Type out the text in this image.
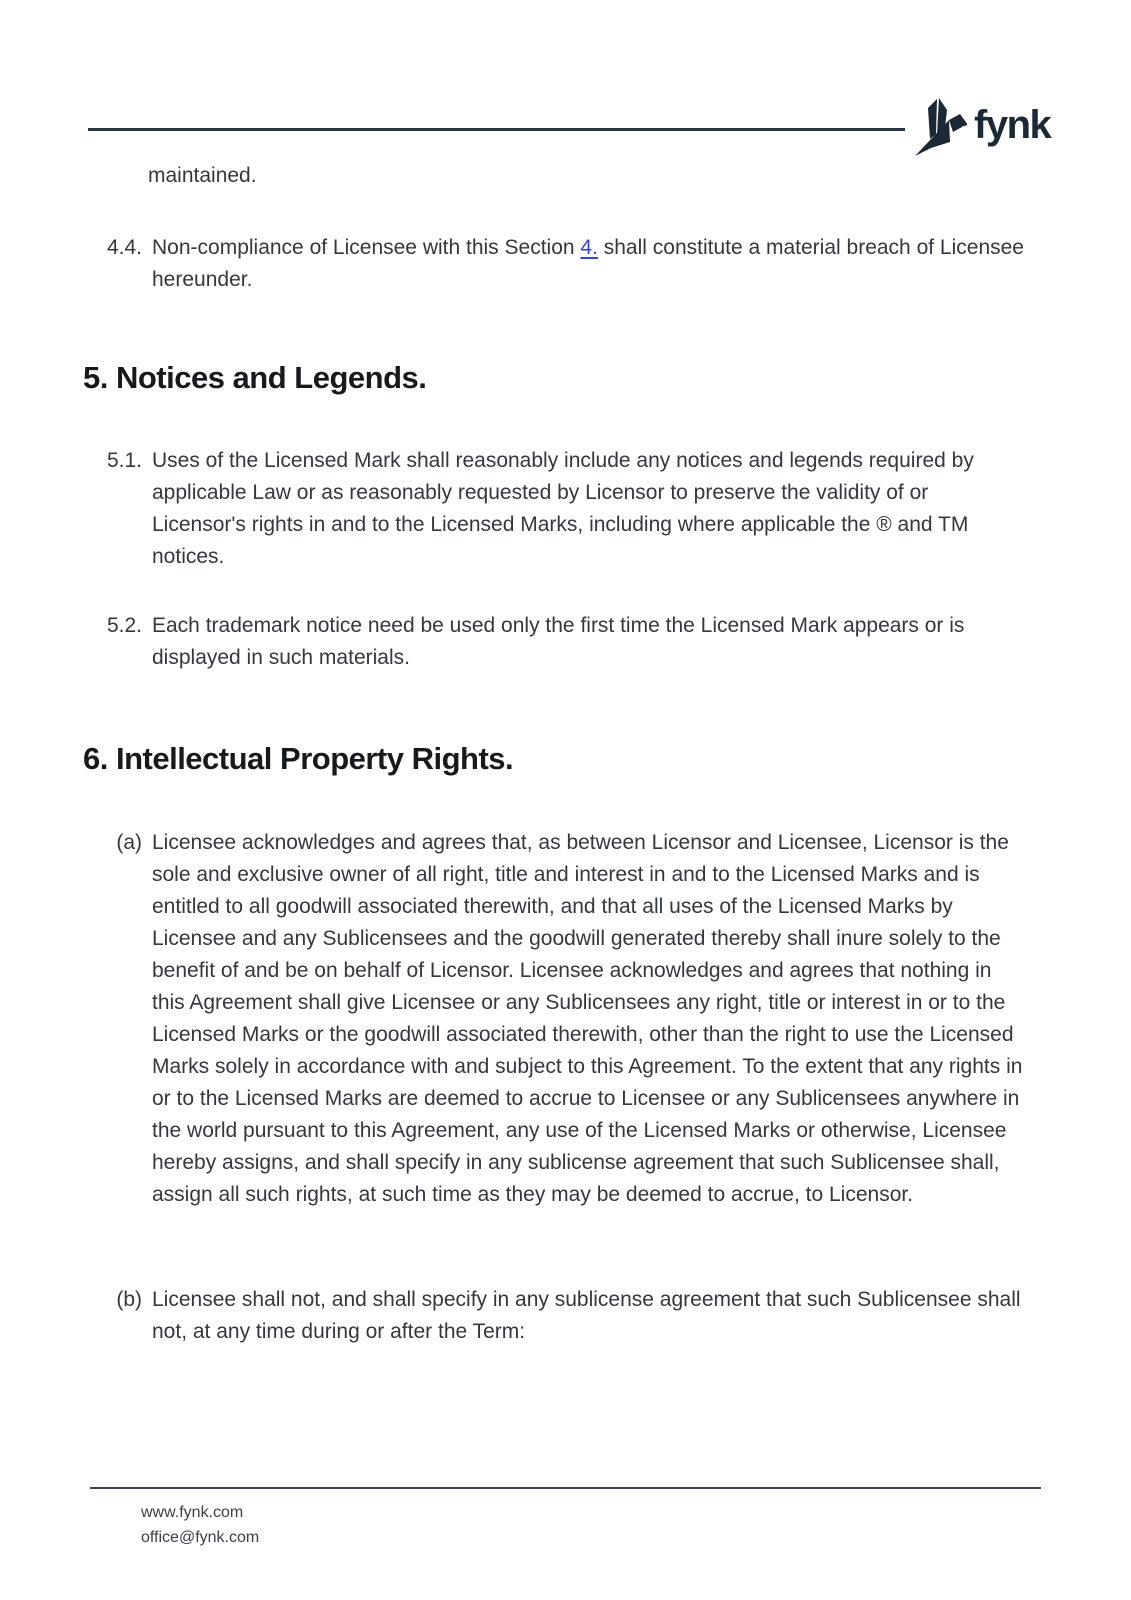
fynk
maintained.
4.4. Non-compliance of Licensee with this Section 4. shall constitute a material breach of Licensee hereunder.
5. Notices and Legends.
5.1. Uses of the Licensed Mark shall reasonably include any notices and legends required by applicable Law or as reasonably requested by Licensor to preserve the validity of or Licensor's rights in and to the Licensed Marks, including where applicable the ® and TM notices.
5.2. Each trademark notice need be used only the first time the Licensed Mark appears or is displayed in such materials.
6. Intellectual Property Rights.
(a) Licensee acknowledges and agrees that, as between Licensor and Licensee, Licensor is the sole and exclusive owner of all right, title and interest in and to the Licensed Marks and is entitled to all goodwill associated therewith, and that all uses of the Licensed Marks by Licensee and any Sublicensees and the goodwill generated thereby shall inure solely to the benefit of and be on behalf of Licensor. Licensee acknowledges and agrees that nothing in this Agreement shall give Licensee or any Sublicensees any right, title or interest in or to the Licensed Marks or the goodwill associated therewith, other than the right to use the Licensed Marks solely in accordance with and subject to this Agreement. To the extent that any rights in or to the Licensed Marks are deemed to accrue to Licensee or any Sublicensees anywhere in the world pursuant to this Agreement, any use of the Licensed Marks or otherwise, Licensee hereby assigns, and shall specify in any sublicense agreement that such Sublicensee shall, assign all such rights, at such time as they may be deemed to accrue, to Licensor.
(b) Licensee shall not, and shall specify in any sublicense agreement that such Sublicensee shall not, at any time during or after the Term:
www.fynk.com
office@fynk.com
